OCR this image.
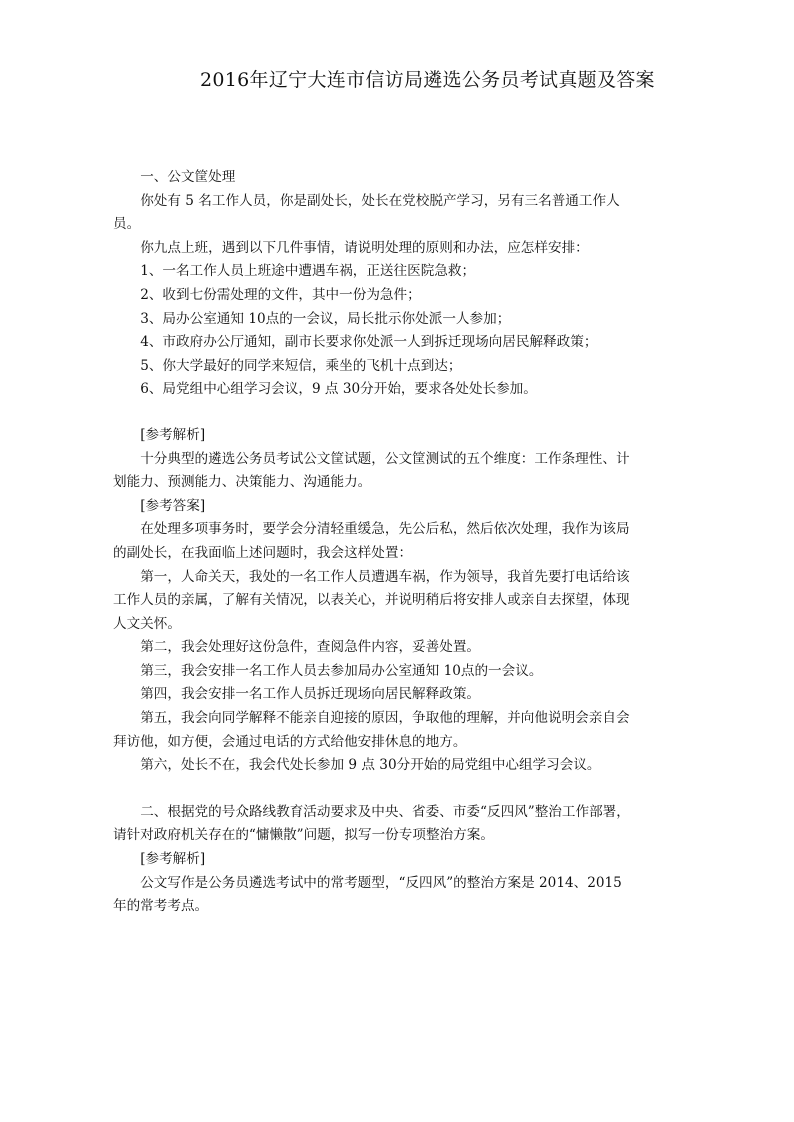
2016年辽宁大连市信访局遴选公务员考试真题及答案

一、公文筐处理

你处有 5 名工作人员，你是副处长，处长在党校脱产学习，另有三名普通工作人员。

你九点上班，遇到以下几件事情，请说明处理的原则和办法，应怎样安排：

1、一名工作人员上班途中遭遇车祸，正送往医院急救；

2、收到七份需处理的文件，其中一份为急件；

3、局办公室通知 10点的一会议，局长批示你处派一人参加；

4、市政府办公厅通知，副市长要求你处派一人到拆迁现场向居民解释政策；

5、你大学最好的同学来短信，乘坐的飞机十点到达；

6、局党组中心组学习会议，9 点 30分开始，要求各处处长参加。

[参考解析]

十分典型的遴选公务员考试公文筐试题，公文筐测试的五个维度：工作条理性、计划能力、预测能力、决策能力、沟通能力。

[参考答案]

在处理多项事务时，要学会分清轻重缓急，先公后私，然后依次处理，我作为该局的副处长，在我面临上述问题时，我会这样处置：

第一，人命关天，我处的一名工作人员遭遇车祸，作为领导，我首先要打电话给该工作人员的亲属，了解有关情况，以表关心，并说明稍后将安排人或亲自去探望，体现人文关怀。

第二，我会处理好这份急件，查阅急件内容，妥善处置。

第三，我会安排一名工作人员去参加局办公室通知 10点的一会议。

第四，我会安排一名工作人员拆迁现场向居民解释政策。

第五，我会向同学解释不能亲自迎接的原因，争取他的理解，并向他说明会亲自会拜访他，如方便，会通过电话的方式给他安排休息的地方。

第六，处长不在，我会代处长参加 9 点 30分开始的局党组中心组学习会议。

二、根据党的号众路线教育活动要求及中央、省委、市委“反四风”整治工作部署，请针对政府机关存在的“慵懒散”问题，拟写一份专项整治方案。

[参考解析]

公文写作是公务员遴选考试中的常考题型，“反四风”的整治方案是 2014、2015年的常考考点。
